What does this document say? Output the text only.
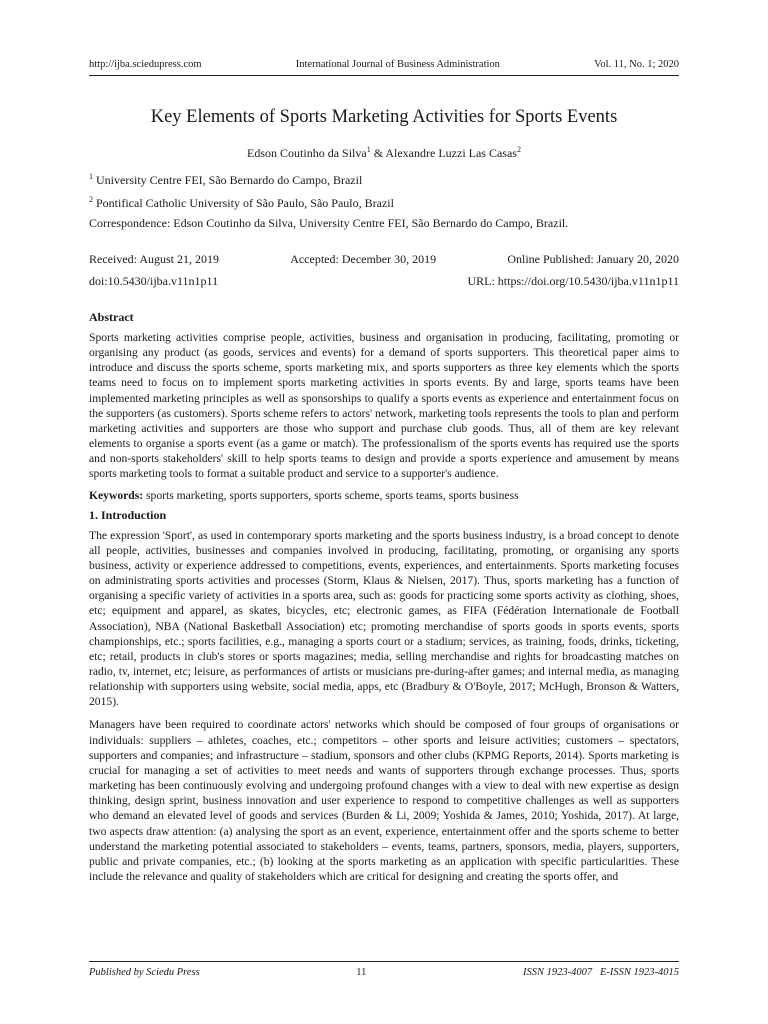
http://ijba.sciedupress.com	International Journal of Business Administration	Vol. 11, No. 1; 2020
Key Elements of Sports Marketing Activities for Sports Events
Edson Coutinho da Silva$^1$ & Alexandre Luzzi Las Casas$^2$
$^1$ University Centre FEI, São Bernardo do Campo, Brazil
$^2$ Pontifical Catholic University of São Paulo, São Paulo, Brazil
Correspondence: Edson Coutinho da Silva, University Centre FEI, São Bernardo do Campo, Brazil.
Received: August 21, 2019	Accepted: December 30, 2019	Online Published: January 20, 2020
doi:10.5430/ijba.v11n1p11	URL: https://doi.org/10.5430/ijba.v11n1p11
Abstract
Sports marketing activities comprise people, activities, business and organisation in producing, facilitating, promoting or organising any product (as goods, services and events) for a demand of sports supporters. This theoretical paper aims to introduce and discuss the sports scheme, sports marketing mix, and sports supporters as three key elements which the sports teams need to focus on to implement sports marketing activities in sports events. By and large, sports teams have been implemented marketing principles as well as sponsorships to qualify a sports events as experience and entertainment focus on the supporters (as customers). Sports scheme refers to actors' network, marketing tools represents the tools to plan and perform marketing activities and supporters are those who support and purchase club goods. Thus, all of them are key relevant elements to organise a sports event (as a game or match). The professionalism of the sports events has required use the sports and non-sports stakeholders' skill to help sports teams to design and provide a sports experience and amusement by means sports marketing tools to format a suitable product and service to a supporter's audience.
Keywords: sports marketing, sports supporters, sports scheme, sports teams, sports business
1. Introduction
The expression 'Sport', as used in contemporary sports marketing and the sports business industry, is a broad concept to denote all people, activities, businesses and companies involved in producing, facilitating, promoting, or organising any sports business, activity or experience addressed to competitions, events, experiences, and entertainments. Sports marketing focuses on administrating sports activities and processes (Storm, Klaus & Nielsen, 2017). Thus, sports marketing has a function of organising a specific variety of activities in a sports area, such as: goods for practicing some sports activity as clothing, shoes, etc; equipment and apparel, as skates, bicycles, etc; electronic games, as FIFA (Fédération Internationale de Football Association), NBA (National Basketball Association) etc; promoting merchandise of sports goods in sports events, sports championships, etc.; sports facilities, e.g., managing a sports court or a stadium; services, as training, foods, drinks, ticketing, etc; retail, products in club's stores or sports magazines; media, selling merchandise and rights for broadcasting matches on radio, tv, internet, etc; leisure, as performances of artists or musicians pre-during-after games; and internal media, as managing relationship with supporters using website, social media, apps, etc (Bradbury & O'Boyle, 2017; McHugh, Bronson & Watters, 2015).
Managers have been required to coordinate actors' networks which should be composed of four groups of organisations or individuals: suppliers – athletes, coaches, etc.; competitors – other sports and leisure activities; customers – spectators, supporters and companies; and infrastructure – stadium, sponsors and other clubs (KPMG Reports, 2014). Sports marketing is crucial for managing a set of activities to meet needs and wants of supporters through exchange processes. Thus, sports marketing has been continuously evolving and undergoing profound changes with a view to deal with new expertise as design thinking, design sprint, business innovation and user experience to respond to competitive challenges as well as supporters who demand an elevated level of goods and services (Burden & Li, 2009; Yoshida & James, 2010; Yoshida, 2017). At large, two aspects draw attention: (a) analysing the sport as an event, experience, entertainment offer and the sports scheme to better understand the marketing potential associated to stakeholders – events, teams, partners, sponsors, media, players, supporters, public and private companies, etc.; (b) looking at the sports marketing as an application with specific particularities. These include the relevance and quality of stakeholders which are critical for designing and creating the sports offer, and
Published by Sciedu Press	11	ISSN 1923-4007   E-ISSN 1923-4015
